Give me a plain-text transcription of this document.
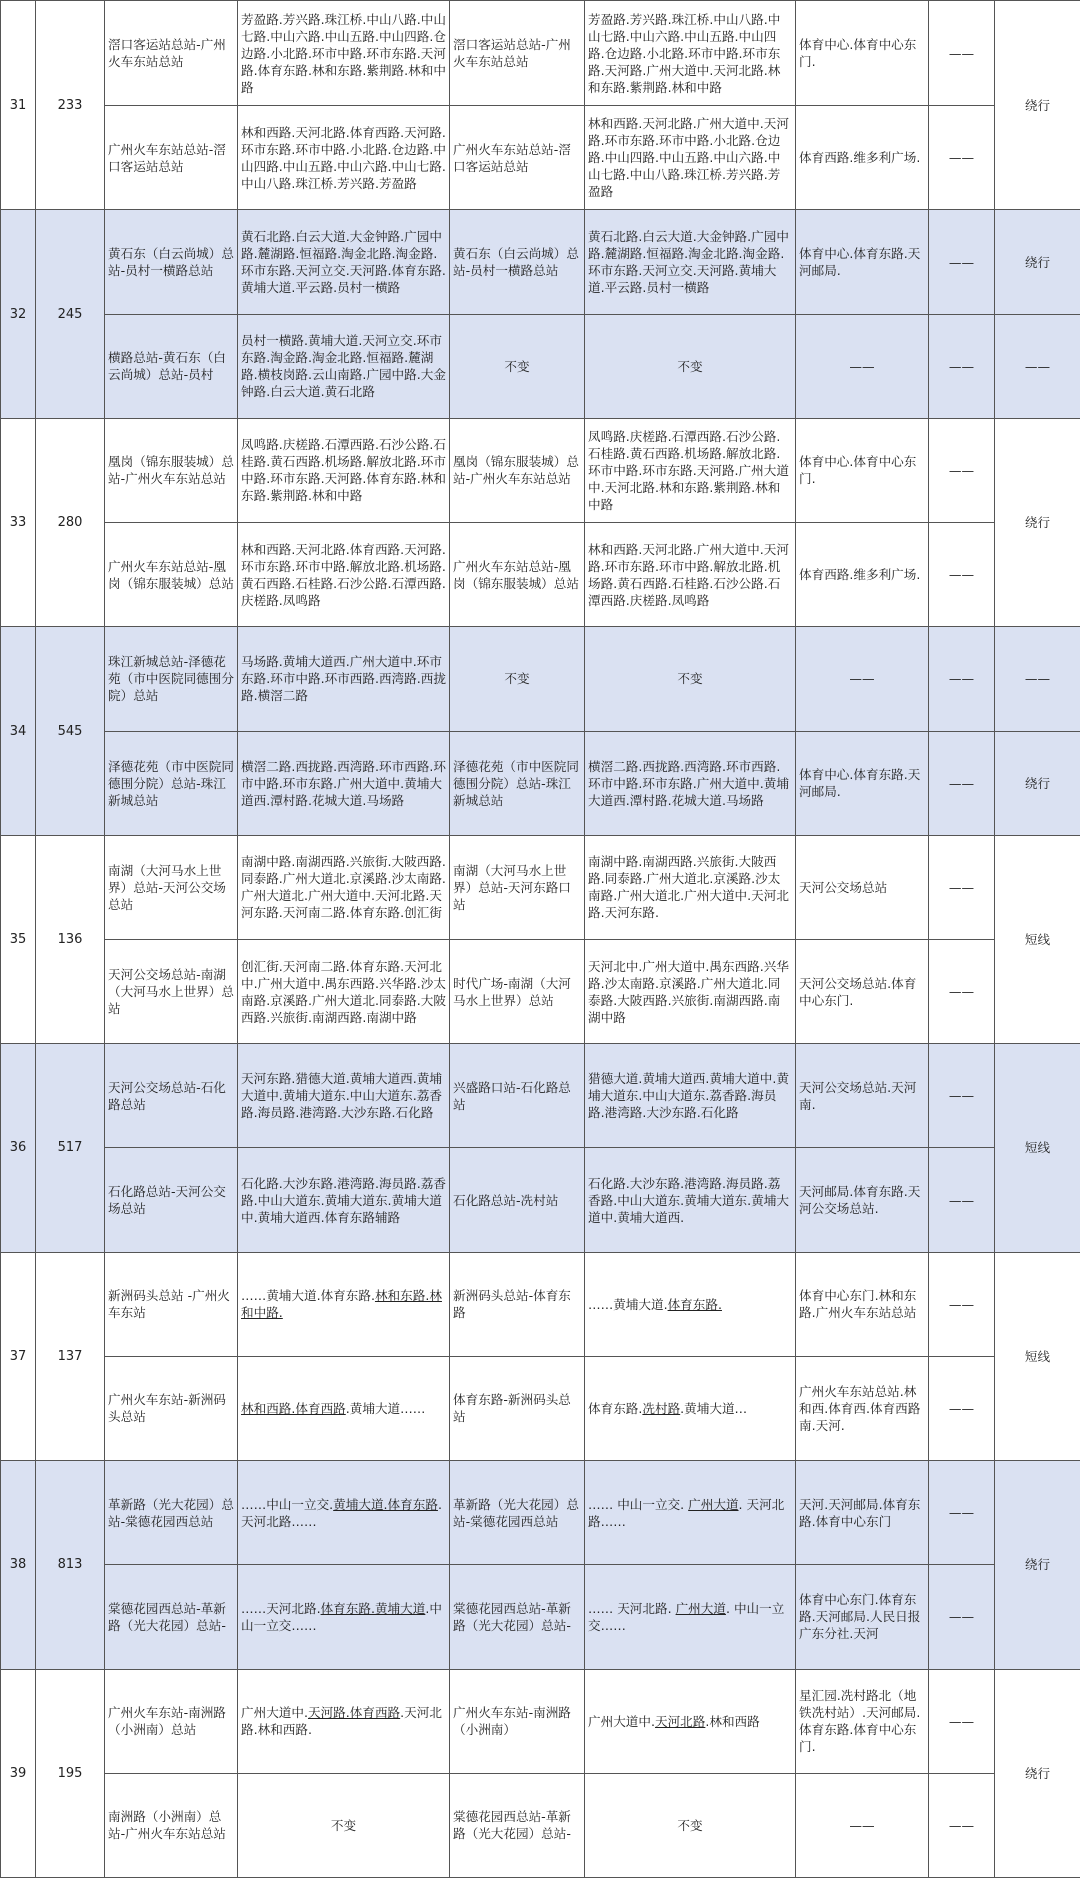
31	233	滘口客运站总站-广州火车东站总站	芳盈路.芳兴路.珠江桥.中山八路.中山七路.中山六路.中山五路.中山四路.仓边路.小北路.环市中路.环市东路.天河路.体育东路.林和东路.紫荆路.林和中路	滘口客运站总站-广州火车东站总站	芳盈路.芳兴路.珠江桥.中山八路.中山七路.中山六路.中山五路.中山四路.仓边路.小北路.环市中路.环市东路.天河路.广州大道中.天河北路.林和东路.紫荆路.林和中路	体育中心.体育中心东门.	——	绕行
		广州火车东站总站-滘口客运站总站	林和西路.天河北路.体育西路.天河路.环市东路.环市中路.小北路.仓边路.中山四路.中山五路.中山六路.中山七路.中山八路.珠江桥.芳兴路.芳盈路	广州火车东站总站-滘口客运站总站	林和西路.天河北路.广州大道中.天河路.环市东路.环市中路.小北路.仓边路.中山四路.中山五路.中山六路.中山七路.中山八路.珠江桥.芳兴路.芳盈路	体育西路.维多利广场.	——	
32	245	黄石东（白云尚城）总站-员村一横路总站	黄石北路.白云大道.大金钟路.广园中路.麓湖路.恒福路.淘金北路.淘金路.环市东路.天河立交.天河路.体育东路.黄埔大道.平云路.员村一横路	黄石东（白云尚城）总站-员村一横路总站	黄石北路.白云大道.大金钟路.广园中路.麓湖路.恒福路.淘金北路.淘金路.环市东路.天河立交.天河路.黄埔大道.平云路.员村一横路	体育中心.体育东路.天河邮局.	——	绕行
		横路总站-黄石东（白云尚城）总站-员村	员村一横路.黄埔大道.天河立交.环市东路.淘金路.淘金北路.恒福路.麓湖路.横枝岗路.云山南路.广园中路.大金钟路.白云大道.黄石北路	不变	不变	——	——	——
33	280	凰岗（锦东服装城）总站-广州火车东站总站	凤鸣路.庆槎路.石潭西路.石沙公路.石桂路.黄石西路.机场路.解放北路.环市中路.环市东路.天河路.体育东路.林和东路.紫荆路.林和中路	凰岗（锦东服装城）总站-广州火车东站总站	凤鸣路.庆槎路.石潭西路.石沙公路.石桂路.黄石西路.机场路.解放北路.环市中路.环市东路.天河路.广州大道中.天河北路.林和东路.紫荆路.林和中路	体育中心.体育中心东门.	——	绕行
		广州火车东站总站-凰岗（锦东服装城）总站	林和西路.天河北路.体育西路.天河路.环市东路.环市中路.解放北路.机场路.黄石西路.石桂路.石沙公路.石潭西路.庆槎路.凤鸣路	广州火车东站总站-凰岗（锦东服装城）总站	林和西路.天河北路.广州大道中.天河路.环市东路.环市中路.解放北路.机场路.黄石西路.石桂路.石沙公路.石潭西路.庆槎路.凤鸣路	体育西路.维多利广场.	——	
34	545	珠江新城总站-泽德花苑（市中医院同德围分院）总站	马场路.黄埔大道西.广州大道中.环市东路.环市中路.环市西路.西湾路.西拢路.横滘二路	不变	不变	——	——	——
		泽德花苑（市中医院同德围分院）总站-珠江新城总站	横滘二路.西拢路.西湾路.环市西路.环市中路.环市东路.广州大道中.黄埔大道西.潭村路.花城大道.马场路	泽德花苑（市中医院同德围分院）总站-珠江新城总站	横滘二路.西拢路.西湾路.环市西路.环市中路.环市东路.广州大道中.黄埔大道西.潭村路.花城大道.马场路	体育中心.体育东路.天河邮局.	——	绕行
35	136	南湖（大河马水上世界）总站-天河公交场总站	南湖中路.南湖西路.兴旅街.大陂西路.同泰路.广州大道北.京溪路.沙太南路.广州大道北.广州大道中.天河北路.天河东路.天河南二路.体育东路.创汇街	南湖（大河马水上世界）总站-天河东路口站	南湖中路.南湖西路.兴旅街.大陂西路.同泰路.广州大道北.京溪路.沙太南路.广州大道北.广州大道中.天河北路.天河东路.	天河公交场总站	——	短线
		天河公交场总站-南湖（大河马水上世界）总站	创汇街.天河南二路.体育东路.天河北中.广州大道中.禺东西路.兴华路.沙太南路.京溪路.广州大道北.同泰路.大陂西路.兴旅街.南湖西路.南湖中路	时代广场-南湖（大河马水上世界）总站	天河北中.广州大道中.禺东西路.兴华路.沙太南路.京溪路.广州大道北.同泰路.大陂西路.兴旅街.南湖西路.南湖中路	天河公交场总站.体育中心东门.	——	
36	517	天河公交场总站-石化路总站	天河东路.猎德大道.黄埔大道西.黄埔大道中.黄埔大道东.中山大道东.荔香路.海员路.港湾路.大沙东路.石化路	兴盛路口站-石化路总站	猎德大道.黄埔大道西.黄埔大道中.黄埔大道东.中山大道东.荔香路.海员路.港湾路.大沙东路.石化路	天河公交场总站.天河南.	——	短线
		石化路总站-天河公交场总站	石化路.大沙东路.港湾路.海员路.荔香路.中山大道东.黄埔大道东.黄埔大道中.黄埔大道西.体育东路辅路	石化路总站-冼村站	石化路.大沙东路.港湾路.海员路.荔香路.中山大道东.黄埔大道东.黄埔大道中.黄埔大道西.	天河邮局.体育东路.天河公交场总站.	——	
37	137	新洲码头总站 -广州火车东站	……黄埔大道.体育东路.林和东路.林和中路.	新洲码头总站-体育东路	……黄埔大道.体育东路.	体育中心东门.林和东路.广州火车东站总站	——	短线
		广州火车东站-新洲码头总站	林和西路.体育西路.黄埔大道……	体育东路-新洲码头总站	体育东路.冼村路.黄埔大道…	广州火车东站总站.林和西.体育西.体育西路南.天河.	——	
38	813	革新路（光大花园）总站-棠德花园西总站	……中山一立交.黄埔大道.体育东路.天河北路……	革新路（光大花园）总站-棠德花园西总站	…… 中山一立交. 广州大道. 天河北路……	天河.天河邮局.体育东路.体育中心东门	——	绕行
		棠德花园西总站-革新路（光大花园）总站-	……天河北路.体育东路.黄埔大道.中山一立交……	棠德花园西总站-革新路（光大花园）总站-	…… 天河北路. 广州大道. 中山一立交……	体育中心东门.体育东路.天河邮局.人民日报广东分社.天河	——	
39	195	广州火车东站-南洲路（小洲南）总站	广州大道中.天河路.体育西路.天河北路.林和西路.	广州火车东站-南洲路（小洲南）	广州大道中.天河北路.林和西路	星汇园.冼村路北（地铁冼村站）.天河邮局.体育东路.体育中心东门.	——	绕行
		南洲路（小洲南）总站-广州火车东站总站	不变	棠德花园西总站-革新路（光大花园）总站-	不变	——	——	
